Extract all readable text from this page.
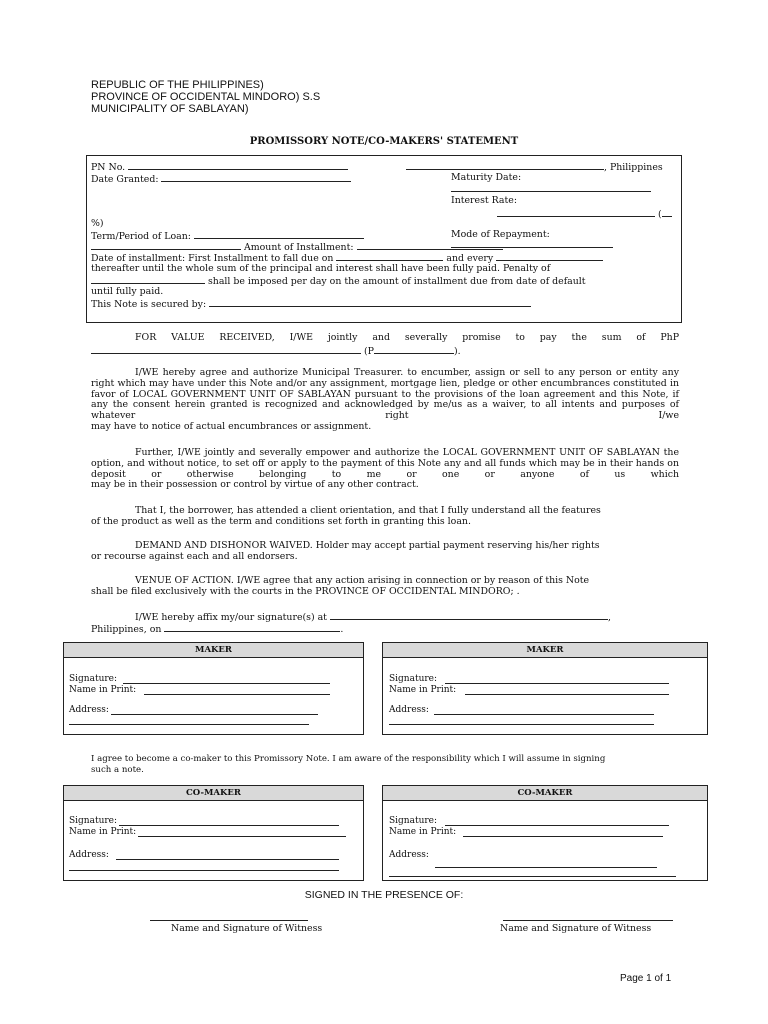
REPUBLIC OF THE PHILIPPINES)
PROVINCE OF OCCIDENTAL MINDORO) S.S
MUNICIPALITY OF SABLAYAN)
PROMISSORY NOTE/CO-MAKERS' STATEMENT
PN No.	, Philippines
Date Granted:	Maturity Date:
Interest Rate:
(
%)
Term/Period of Loan:	Mode of Repayment:
Amount of Installment:
Date of installment: First Installment to fall due on	and every
thereafter until the whole sum of the principal and interest shall have been fully paid. Penalty of
shall be imposed per day on the amount of installment due from date of default
until fully paid.
This Note is secured by:
FOR VALUE RECEIVED, I/WE jointly and severally promise to pay the sum of PhP
(P	).
I/WE hereby agree and authorize Municipal Treasurer. to encumber, assign or sell to any person or entity any right which may have under this Note and/or any assignment, mortgage lien, pledge or other encumbrances constituted in favor of LOCAL GOVERNMENT UNIT OF SABLAYAN pursuant to the provisions of the loan agreement and this Note, if any the consent herein granted is recognized and acknowledged by me/us as a waiver, to all intents and purposes of whatever right I/we
may have to notice of actual encumbrances or assignment.
Further, I/WE jointly and severally empower and authorize the LOCAL GOVERNMENT UNIT OF SABLAYAN the option, and without notice, to set off or apply to the payment of this Note any and all funds which may be in their hands on deposit or otherwise belonging to me or one or anyone of us which
may be in their possession or control by virtue of any other contract.
That I, the borrower, has attended a client orientation, and that I fully understand all the features
of the product as well as the term and conditions set forth in granting this loan.
DEMAND AND DISHONOR WAIVED. Holder may accept partial payment reserving his/her rights
or recourse against each and all endorsers.
VENUE OF ACTION. I/WE agree that any action arising in connection or by reason of this Note
shall be filed exclusively with the courts in the PROVINCE OF OCCIDENTAL MINDORO; .
I/WE hereby affix my/our signature(s) at	,
Philippines, on	.
MAKER
Signature:
Name in Print:
Address:
MAKER
Signature:
Name in Print:
Address:
I agree to become a co-maker to this Promissory Note. I am aware of the responsibility which I will assume in signing
such a note.
CO-MAKER
Signature:
Name in Print:
Address:
CO-MAKER
Signature:
Name in Print:
Address:
SIGNED IN THE PRESENCE OF:
Name and Signature of Witness	Name and Signature of Witness
Page 1 of 1
